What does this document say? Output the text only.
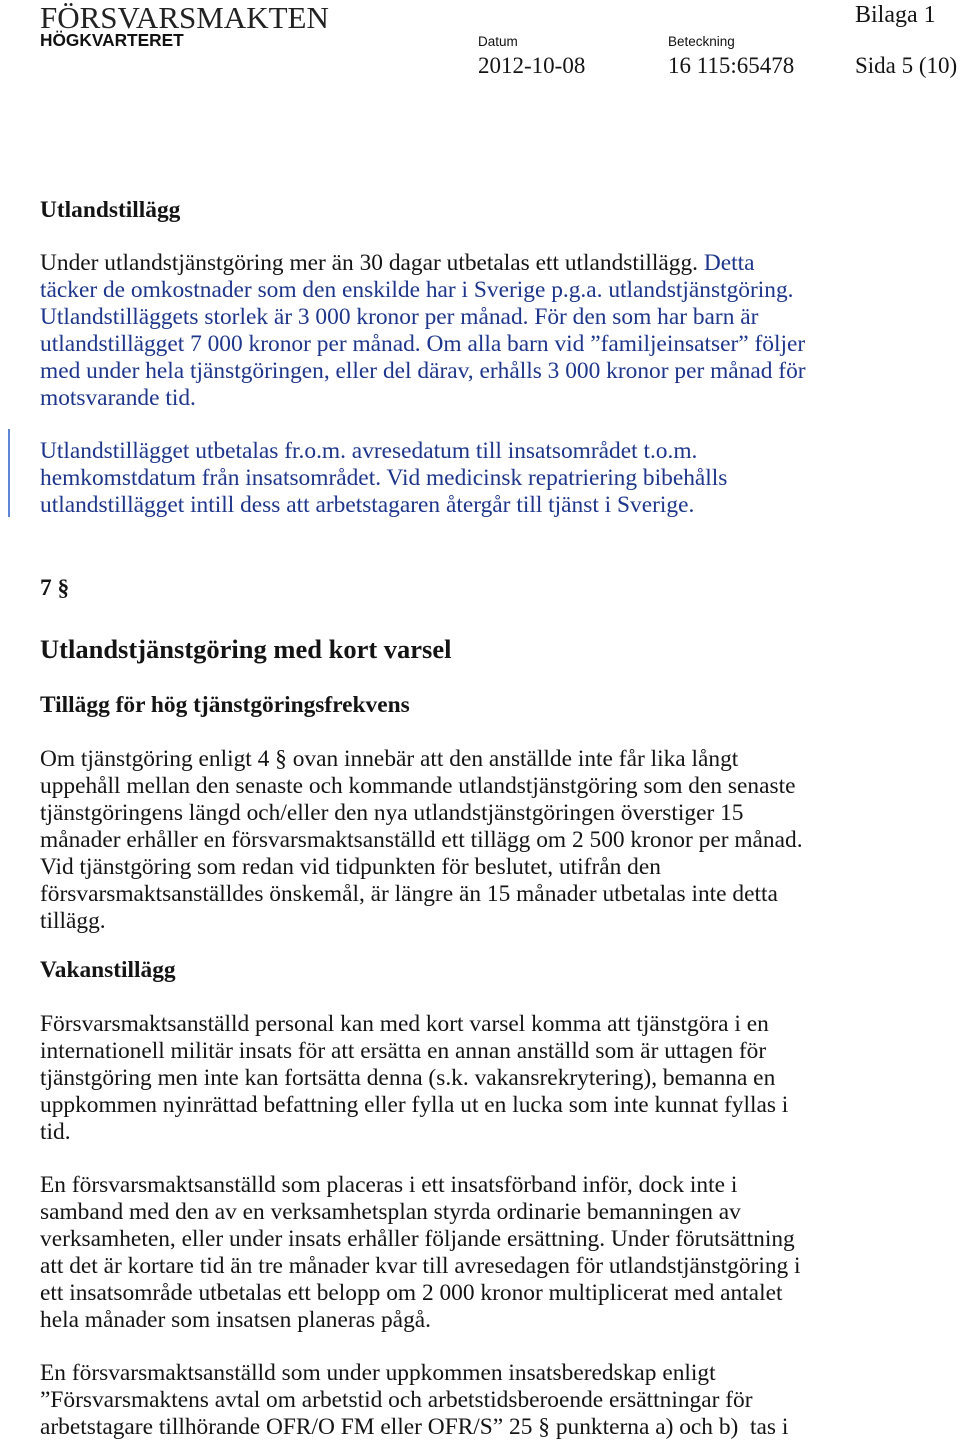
FÖRSVARSMAKTEN
HÖGKVARTERET
Bilaga 1
Datum	Beteckning
2012-10-08	16 115:65478	Sida 5 (10)
Utlandstillägg
Under utlandstjänstgöring mer än 30 dagar utbetalas ett utlandstillägg. Detta
täcker de omkostnader som den enskilde har i Sverige p.g.a. utlandstjänstgöring.
Utlandstilläggets storlek är 3 000 kronor per månad. För den som har barn är
utlandstillägget 7 000 kronor per månad. Om alla barn vid ”familjeinsatser” följer
med under hela tjänstgöringen, eller del därav, erhålls 3 000 kronor per månad för
motsvarande tid.
Utlandstillägget utbetalas fr.o.m. avresedatum till insatsområdet t.o.m.
hemkomstdatum från insatsområdet. Vid medicinsk repatriering bibehålls
utlandstillägget intill dess att arbetstagaren återgår till tjänst i Sverige.
7 §
Utlandstjänstgöring med kort varsel
Tillägg för hög tjänstgöringsfrekvens
Om tjänstgöring enligt 4 § ovan innebär att den anställde inte får lika långt
uppehåll mellan den senaste och kommande utlandstjänstgöring som den senaste
tjänstgöringens längd och/eller den nya utlandstjänstgöringen överstiger 15
månader erhåller en försvarsmaktsanställd ett tillägg om 2 500 kronor per månad.
Vid tjänstgöring som redan vid tidpunkten för beslutet, utifrån den
försvarsmaktsanställdes önskemål, är längre än 15 månader utbetalas inte detta
tillägg.
Vakanstillägg
Försvarsmaktsanställd personal kan med kort varsel komma att tjänstgöra i en
internationell militär insats för att ersätta en annan anställd som är uttagen för
tjänstgöring men inte kan fortsätta denna (s.k. vakansrekrytering), bemanna en
uppkommen nyinrättad befattning eller fylla ut en lucka som inte kunnat fyllas i
tid.
En försvarsmaktsanställd som placeras i ett insatsförband inför, dock inte i
samband med den av en verksamhetsplan styrda ordinarie bemanningen av
verksamheten, eller under insats erhåller följande ersättning. Under förutsättning
att det är kortare tid än tre månader kvar till avresedagen för utlandstjänstgöring i
ett insatsområde utbetalas ett belopp om 2 000 kronor multiplicerat med antalet
hela månader som insatsen planeras pågå.
En försvarsmaktsanställd som under uppkommen insatsberedskap enligt
”Försvarsmaktens avtal om arbetstid och arbetstidsberoende ersättningar för
arbetstagare tillhörande OFR/O FM eller OFR/S” 25 § punkterna a) och b)  tas i
